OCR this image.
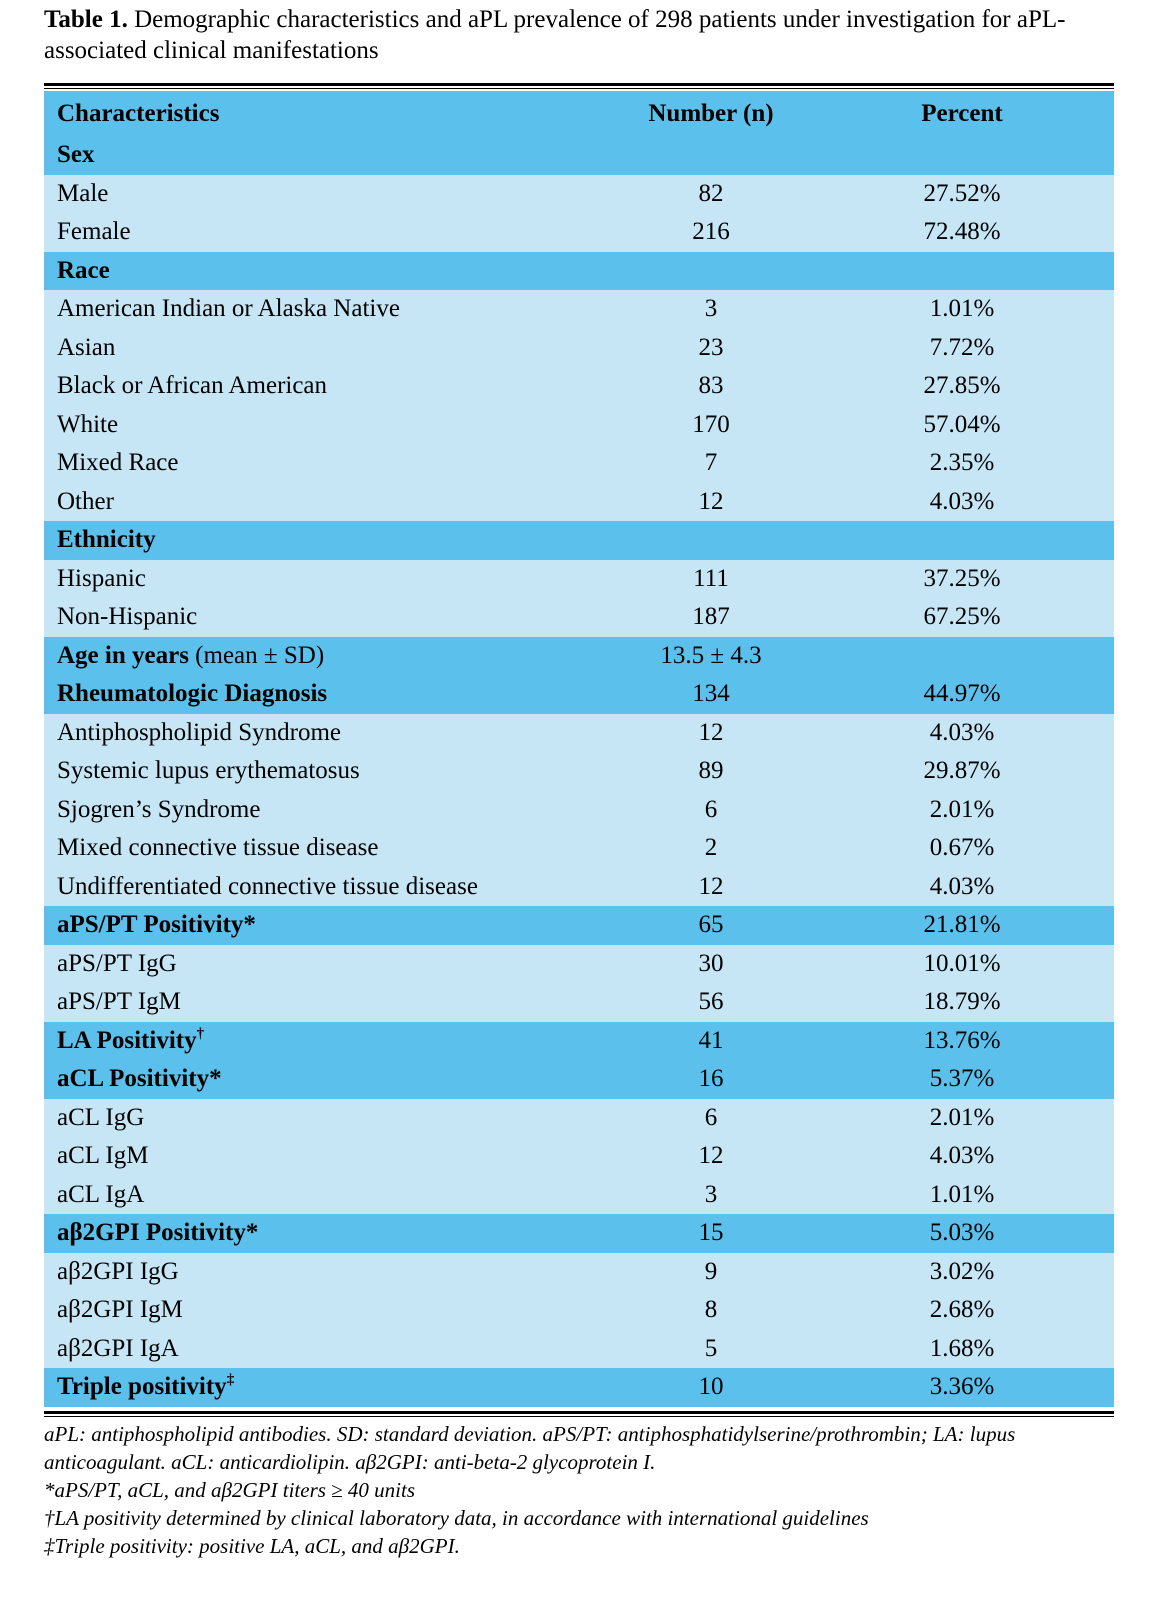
Table 1. Demographic characteristics and aPL prevalence of 298 patients under investigation for aPL-associated clinical manifestations
Characteristics	Number (n)	Percent
Sex		
Male	82	27.52%
Female	216	72.48%
Race		
American Indian or Alaska Native	3	1.01%
Asian	23	7.72%
Black or African American	83	27.85%
White	170	57.04%
Mixed Race	7	2.35%
Other	12	4.03%
Ethnicity		
Hispanic	111	37.25%
Non-Hispanic	187	67.25%
Age in years (mean ± SD)	13.5 ± 4.3	
Rheumatologic Diagnosis	134	44.97%
Antiphospholipid Syndrome	12	4.03%
Systemic lupus erythematosus	89	29.87%
Sjogren’s Syndrome	6	2.01%
Mixed connective tissue disease	2	0.67%
Undifferentiated connective tissue disease	12	4.03%
aPS/PT Positivity*	65	21.81%
aPS/PT IgG	30	10.01%
aPS/PT IgM	56	18.79%
LA Positivity†	41	13.76%
aCL Positivity*	16	5.37%
aCL IgG	6	2.01%
aCL IgM	12	4.03%
aCL IgA	3	1.01%
aβ2GPI Positivity*	15	5.03%
aβ2GPI IgG	9	3.02%
aβ2GPI IgM	8	2.68%
aβ2GPI IgA	5	1.68%
Triple positivity‡	10	3.36%
aPL: antiphospholipid antibodies. SD: standard deviation. aPS/PT: antiphosphatidylserine/prothrombin; LA: lupus anticoagulant. aCL: anticardiolipin. aβ2GPI: anti-beta-2 glycoprotein I.
*aPS/PT, aCL, and aβ2GPI titers ≥ 40 units
†LA positivity determined by clinical laboratory data, in accordance with international guidelines
‡Triple positivity: positive LA, aCL, and aβ2GPI.
